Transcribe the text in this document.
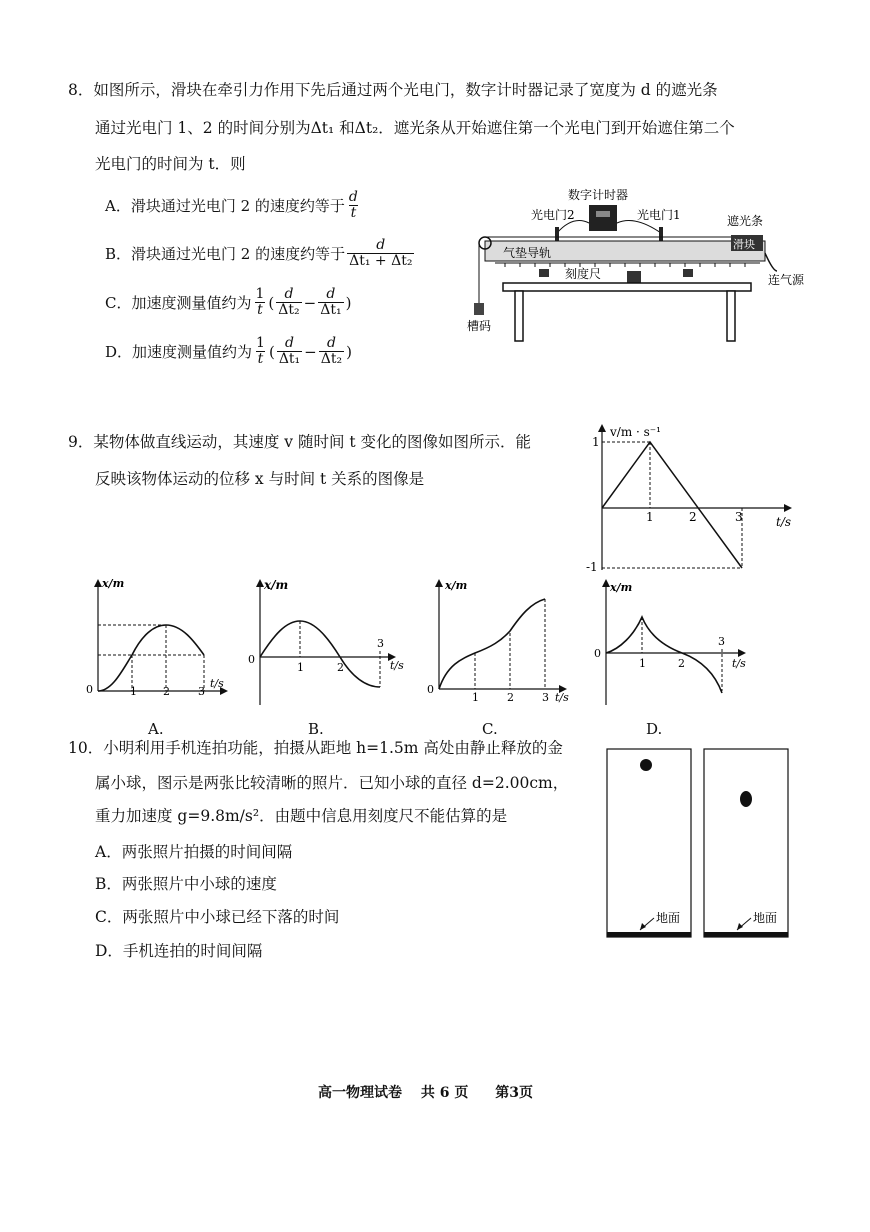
8．如图所示，滑块在牵引力作用下先后通过两个光电门，数字计时器记录了宽度为 d 的遮光条
通过光电门 1、2 的时间分别为Δt₁ 和Δt₂．遮光条从开始遮住第一个光电门到开始遮住第二个
光电门的时间为 t．则
A．滑块通过光电门 2 的速度约等于 $\frac{d}{t}$
B．滑块通过光电门 2 的速度约等于 $\frac{d}{\text{Δt₁ + Δt₂}}$
C．加速度测量值约为 $\frac{1}{t}$ ( $\frac{d}{\text{Δt₂}} - \frac{d}{\text{Δt₁}}$ )
D．加速度测量值约为 $\frac{1}{t}$ ( $\frac{d}{\text{Δt₁}} - \frac{d}{\text{Δt₂}}$ )
数字计时器
光电门2	光电门1	遮光条
气垫导轨
滑块
槽码
刻度尺	连气源
9．某物体做直线运动，其速度 v 随时间 t 变化的图像如图所示．能
反映该物体运动的位移 x 与时间 t 关系的图像是
v/m · s⁻¹
t/s
1
-1
1	2	3
x/m
t/s
0	1 2	3
A.
x/m
t/s
0
1	2
3
B.
x/m
t/s
0
1	2	3
C.
x/m
t/s
0
1	2
3
D.
10．小明利用手机连拍功能，拍摄从距地 h=1.5m 高处由静止释放的金
属小球，图示是两张比较清晰的照片．已知小球的直径 d=2.00cm，
重力加速度 g=9.8m/s²．由题中信息用刻度尺不能估算的是
A．两张照片拍摄的时间间隔
B．两张照片中小球的速度
C．两张照片中小球已经下落的时间
D．手机连拍的时间间隔
地面	地面
高一物理试卷 共 6 页 第3页
